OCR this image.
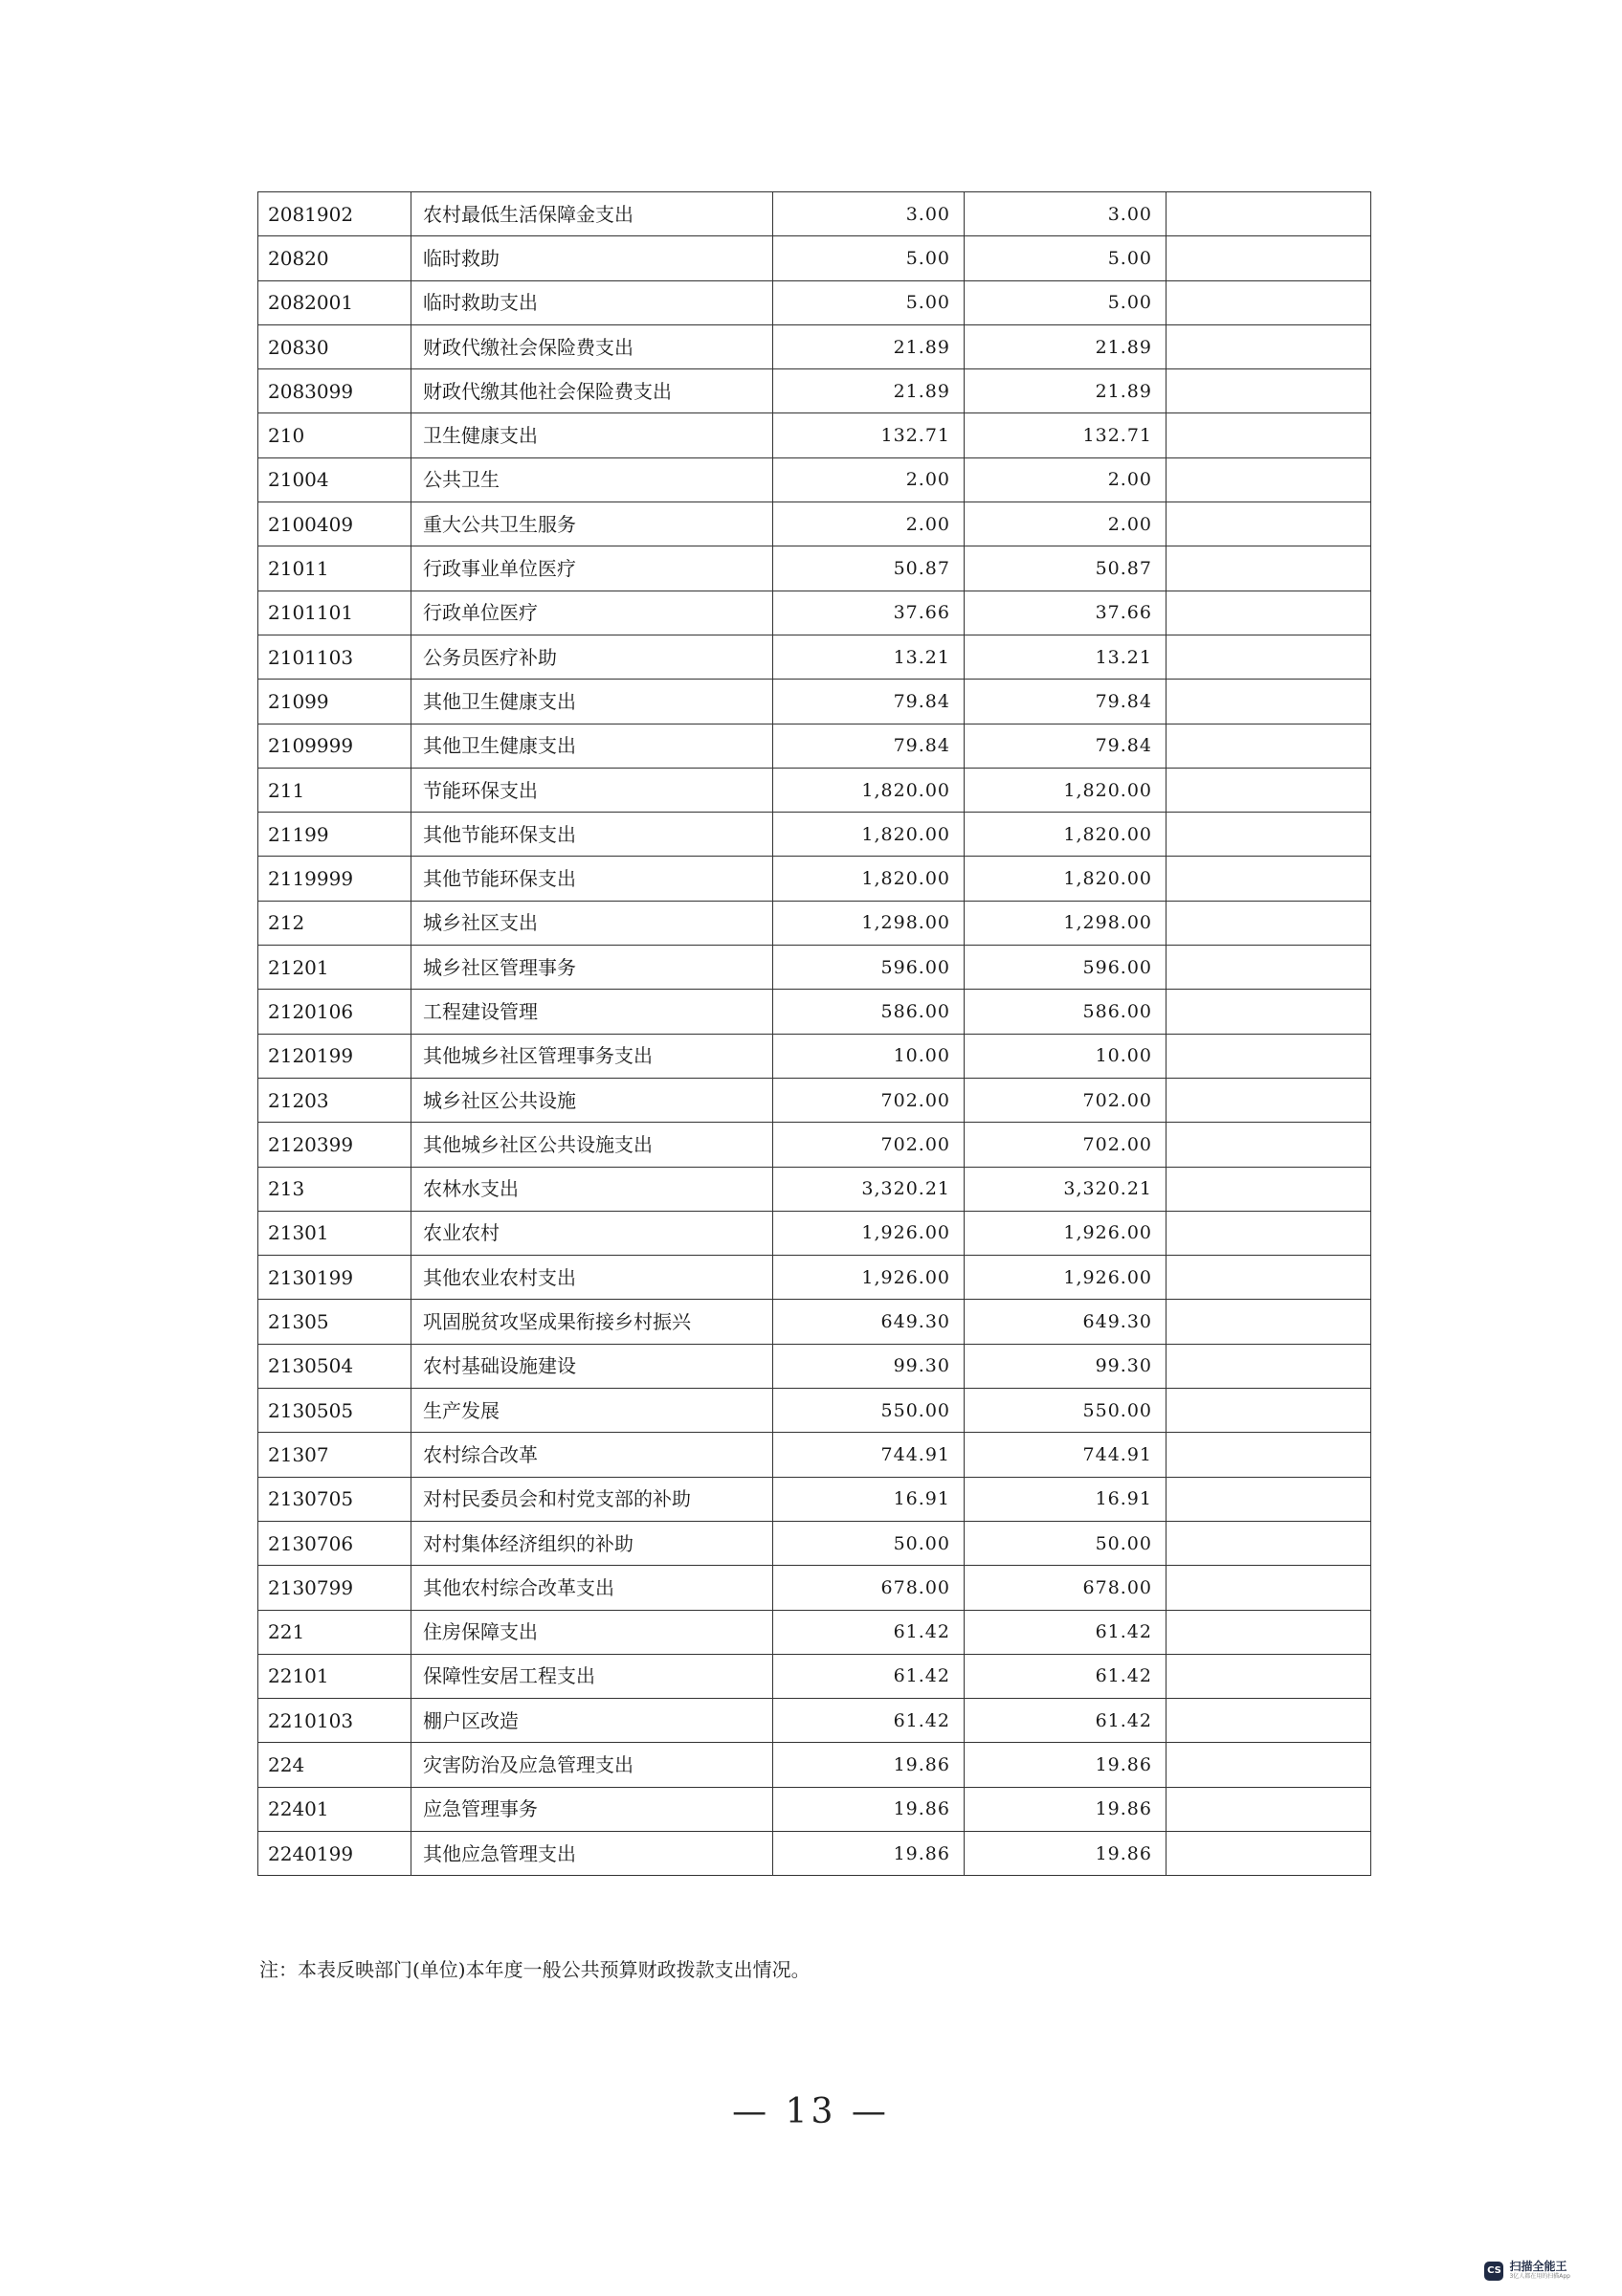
2081902	农村最低生活保障金支出	3.00	3.00	
20820	临时救助	5.00	5.00	
2082001	临时救助支出	5.00	5.00	
20830	财政代缴社会保险费支出	21.89	21.89	
2083099	财政代缴其他社会保险费支出	21.89	21.89	
210	卫生健康支出	132.71	132.71	
21004	公共卫生	2.00	2.00	
2100409	重大公共卫生服务	2.00	2.00	
21011	行政事业单位医疗	50.87	50.87	
2101101	行政单位医疗	37.66	37.66	
2101103	公务员医疗补助	13.21	13.21	
21099	其他卫生健康支出	79.84	79.84	
2109999	其他卫生健康支出	79.84	79.84	
211	节能环保支出	1,820.00	1,820.00	
21199	其他节能环保支出	1,820.00	1,820.00	
2119999	其他节能环保支出	1,820.00	1,820.00	
212	城乡社区支出	1,298.00	1,298.00	
21201	城乡社区管理事务	596.00	596.00	
2120106	工程建设管理	586.00	586.00	
2120199	其他城乡社区管理事务支出	10.00	10.00	
21203	城乡社区公共设施	702.00	702.00	
2120399	其他城乡社区公共设施支出	702.00	702.00	
213	农林水支出	3,320.21	3,320.21	
21301	农业农村	1,926.00	1,926.00	
2130199	其他农业农村支出	1,926.00	1,926.00	
21305	巩固脱贫攻坚成果衔接乡村振兴	649.30	649.30	
2130504	农村基础设施建设	99.30	99.30	
2130505	生产发展	550.00	550.00	
21307	农村综合改革	744.91	744.91	
2130705	对村民委员会和村党支部的补助	16.91	16.91	
2130706	对村集体经济组织的补助	50.00	50.00	
2130799	其他农村综合改革支出	678.00	678.00	
221	住房保障支出	61.42	61.42	
22101	保障性安居工程支出	61.42	61.42	
2210103	棚户区改造	61.42	61.42	
224	灾害防治及应急管理支出	19.86	19.86	
22401	应急管理事务	19.86	19.86	
2240199	其他应急管理支出	19.86	19.86	
注：本表反映部门(单位)本年度一般公共预算财政拨款支出情况。
— 13 —
CS 扫描全能王
3亿人都在用的扫描App
